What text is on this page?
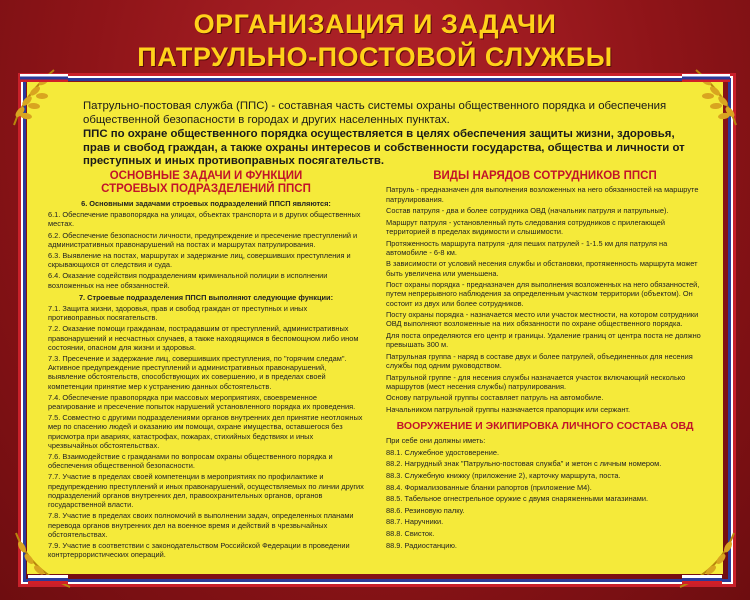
ОРГАНИЗАЦИЯ И ЗАДАЧИ
ПАТРУЛЬНО-ПОСТОВОЙ СЛУЖБЫ

Патрульно-постовая служба (ППС) - составная часть системы охраны общественного порядка и обеспечения общественной безопасности в городах и других населенных пунктах.

ППС по охране общественного порядка осуществляется в целях обеспечения защиты жизни, здоровья, прав и свобод граждан, а также охраны интересов и собственности государства, общества и личности от преступных и иных противоправных посягательств.

ОСНОВНЫЕ ЗАДАЧИ И ФУНКЦИИ

СТРОЕВЫХ ПОДРАЗДЕЛЕНИЙ ППСП

6. Основными задачами строевых подразделений ППСП являются:

6.1. Обеспечение правопорядка на улицах, объектах транспорта и в других общественных местах.

6.2. Обеспечение безопасности личности, предупреждение и пресечение преступлений и административных правонарушений на постах и маршрутах патрулирования.

6.3. Выявление на постах, маршрутах и задержание лиц, совершивших преступления и скрывающихся от следствия и суда.

6.4. Оказание содействия подразделениям криминальной полиции в исполнении возложенных на нее обязанностей.

7. Строевые подразделения ППСП выполняют следующие функции:

7.1. Защита жизни, здоровья, прав и свобод граждан от преступных и иных противоправных посягательств.

7.2. Оказание помощи гражданам, пострадавшим от преступлений, административных правонарушений и несчастных случаев, а также находящимся в беспомощном либо ином состоянии, опасном для жизни и здоровья.

7.3. Пресечение и задержание лиц, совершивших преступления, по "горячим следам". Активное предупреждение преступлений и административных правонарушений, выявление обстоятельств, способствующих их совершению, и в пределах своей компетенции принятие мер к устранению данных обстоятельств.

7.4. Обеспечение правопорядка при массовых мероприятиях, своевременное реагирование и пресечение попыток нарушений установленного порядка их проведения.

7.5. Совместно с другими подразделениями органов внутренних дел принятие неотложных мер по спасению людей и оказанию им помощи, охране имущества, оставшегося без присмотра при авариях, катастрофах, пожарах, стихийных бедствиях и иных чрезвычайных обстоятельствах.

7.6. Взаимодействие с гражданами по вопросам охраны общественного порядка и обеспечения общественной безопасности.

7.7. Участие в пределах своей компетенции в мероприятиях по профилактике и предупреждению преступлений и иных правонарушений, осуществляемых по линии других подразделений органов внутренних дел, правоохранительных органов, органов государственной власти.

7.8. Участие в пределах своих полномочий в выполнении задач, определенных планами перевода органов внутренних дел на военное время и действий в чрезвычайных обстоятельствах.

7.9. Участие в соответствии с законодательством Российской Федерации в проведении контртеррористических операций.

ВИДЫ НАРЯДОВ СОТРУДНИКОВ ППСП

Патруль - предназначен для выполнения возложенных на него обязанностей на маршруте патрулирования.

Состав патруля - два и более сотрудника ОВД (начальник патруля и патрульные).

Маршрут патруля - установленный путь следования сотрудников с прилегающей территорией в пределах видимости и слышимости.

Протяженность маршрута патруля -для пеших патрулей - 1-1.5 км для патруля на автомобиле - 6-8 км.

В зависимости от условий несения службы и обстановки, протяженность маршрута может быть увеличена или уменьшена.

Пост охраны порядка - предназначен для выполнения возложенных на него обязанностей, путем непрерывного наблюдения за определенным участком территории (объектом). Он состоит из двух или более сотрудников.

Посту охраны порядка - назначается место или участок местности, на котором сотрудники ОВД выполняют возложенные на них обязанности по охране общественного порядка.

Для поста определяются его центр и границы. Удаление границ от центра поста не должно превышать 300 м.

Патрульная группа - наряд в составе двух и более патрулей, объединенных для несения службы под одним руководством.

Патрульной группе - для несения службы назначается участок включающий несколько маршрутов (мест несения службы) патрулирования.

Основу патрульной группы составляет патруль на автомобиле.

Начальником патрульной группы назначается прапорщик или сержант.

ВООРУЖЕНИЕ И ЭКИПИРОВКА ЛИЧНОГО СОСТАВА ОВД

При себе они должны иметь:

88.1. Служебное удостоверение.

88.2. Нагрудный знак "Патрульно-постовая служба" и жетон с личным номером.

88.3. Служебную книжку (приложение 2), карточку маршрута, поста.

88.4. Формализованные бланки рапортов (приложение М4).

88.5. Табельное огнестрельное оружие с двумя снаряженными магазинами.

88.6. Резиновую палку.

88.7. Наручники.

88.8. Свисток.

88.9. Радиостанцию.
